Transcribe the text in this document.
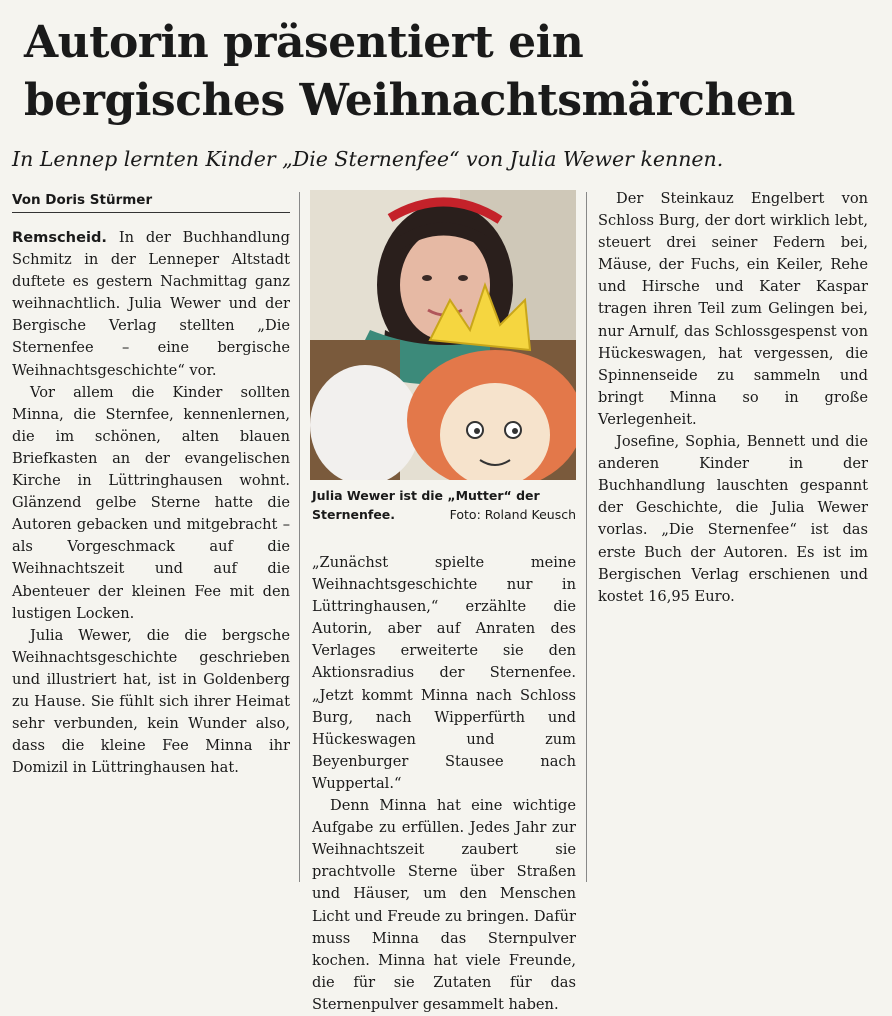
Autorin präsentiert ein
bergisches Weihnachtsmärchen
In Lennep lernten Kinder „Die Sternenfee“ von Julia Wewer kennen.
Von Doris Stürmer

Remscheid. In der Buchhandlung Schmitz in der Lenneper Altstadt duftete es gestern Nachmittag ganz weihnachtlich. Julia Wewer und der Bergische Verlag stellten „Die Sternenfee – eine bergische Weihnachtsgeschichte“ vor.

Vor allem die Kinder sollten Minna, die Sternfee, kennenlernen, die im schönen, alten blauen Briefkasten an der evangelischen Kirche in Lüttringhausen wohnt. Glänzend gelbe Sterne hatte die Autoren gebacken und mitgebracht – als Vorgeschmack auf die Weihnachtszeit und auf die Abenteuer der kleinen Fee mit den lustigen Locken.

Julia Wewer, die die bergsche Weihnachtsgeschichte geschrieben und illustriert hat, ist in Goldenberg zu Hause. Sie fühlt sich ihrer Heimat sehr verbunden, kein Wunder also, dass die kleine Fee Minna ihr Domizil in Lüttringhausen hat.

Julia Wewer ist die „Mutter“ der Sternenfee.	Foto: Roland Keusch

„Zunächst spielte meine Weihnachtsgeschichte nur in Lüttringhausen,“ erzählte die Autorin, aber auf Anraten des Verlages erweiterte sie den Aktionsradius der Sternenfee. „Jetzt kommt Minna nach Schloss Burg, nach Wipperfürth und Hückeswagen und zum Beyenburger Stausee nach Wuppertal.“

Denn Minna hat eine wichtige Aufgabe zu erfüllen. Jedes Jahr zur Weihnachtszeit zaubert sie prachtvolle Sterne über Straßen und Häuser, um den Menschen Licht und Freude zu bringen. Dafür muss Minna das Sternpulver kochen. Minna hat viele Freunde, die für sie Zutaten für das Sternenpulver gesammelt haben.

Der Steinkauz Engelbert von Schloss Burg, der dort wirklich lebt, steuert drei seiner Federn bei, Mäuse, der Fuchs, ein Keiler, Rehe und Hirsche und Kater Kaspar tragen ihren Teil zum Gelingen bei, nur Arnulf, das Schlossgespenst von Hückeswagen, hat vergessen, die Spinnenseide zu sammeln und bringt Minna so in große Verlegenheit.

Josefine, Sophia, Bennett und die anderen Kinder in der Buchhandlung lauschten gespannt der Geschichte, die Julia Wewer vorlas. „Die Sternenfee“ ist das erste Buch der Autoren. Es ist im Bergischen Verlag erschienen und kostet 16,95 Euro.
